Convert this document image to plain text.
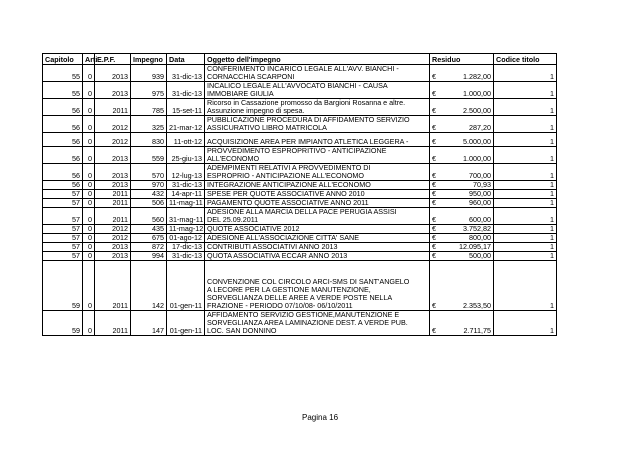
Capitolo	Arti	E.P.F.	Impegno	Data	Oggetto dell'impegno	Residuo	Codice titolo
55	0	2013	939	31-dic-13	CONFERIMENTO INCARICO LEGALE ALL'AVV. BIANCHI -
CORNACCHIA SCARPONI	€ 1.282,00	1
55	0	2013	975	31-dic-13	INCALICO LEGALE ALL'AVVOCATO BIANCHI - CAUSA
IMMOBIARE GIULIA	€ 1.000,00	1
56	0	2011	785	15-set-11	Ricorso in Cassazione promosso da Bargioni Rosanna e altre.
Assunzione impegno di spesa.	€ 2.500,00	1
56	0	2012	325	21-mar-12	PUBBLICAZIONE PROCEDURA DI AFFIDAMENTO SERVIZIO
ASSICURATIVO LIBRO MATRICOLA	€ 287,20	1
56	0	2012	830	11-ott-12	ACQUISIZIONE AREA PER IMPIANTO ATLETICA LEGGERA -	€ 5.000,00	1
56	0	2013	559	25-giu-13	PROVVEDIMENTO ESPROPRITIVO - ANTICIPAZIONE
ALL'ECONOMO	€ 1.000,00	1
56	0	2013	570	12-lug-13	ADEMPIMENTI RELATIVI A PROVVEDIMENTO DI
ESPROPRIO - ANTICIPAZIONE ALL'ECONOMO	€ 700,00	1
56	0	2013	970	31-dic-13	INTEGRAZIONE ANTICIPAZIONE ALL'ECONOMO	€ 70,93	1
57	0	2011	432	14-apr-11	SPESE PER QUOTE ASSOCIATIVE ANNO 2010	€ 950,00	1
57	0	2011	506	11-mag-11	PAGAMENTO QUOTE ASSOCIATIVE ANNO 2011	€ 960,00	1
57	0	2011	560	31-mag-11	ADESIONE ALLA MARCIA DELLA PACE PERUGIA ASSISI
DEL 25.09.2011	€ 600,00	1
57	0	2012	435	11-mag-12	QUOTE ASSOCIATIVE 2012	€ 3.752,82	1
57	0	2012	675	01-ago-12	ADESIONE ALL'ASSOCIAZIONE CITTA' SANE	€ 800,00	1
57	0	2013	872	17-dic-13	CONTRIBUTI ASSOCIATIVI ANNO 2013	€ 12.095,17	1
57	0	2013	994	31-dic-13	QUOTA ASSOCIATIVA ECCAR ANNO 2013	€ 500,00	1
59	0	2011	142	01-gen-11	CONVENZIONE COL CIRCOLO ARCI-SMS DI SANT'ANGELO
A LECORE PER LA GESTIONE MANUTENZIONE,
SORVEGLIANZA DELLE AREE A VERDE POSTE NELLA
FRAZIONE - PERIODO 07/10/08- 06/10/2011	€ 2.353,50	1
59	0	2011	147	01-gen-11	AFFIDAMENTO SERVIZIO GESTIONE,MANUTENZIONE E
SORVEGLIANZA AREA LAMINAZIONE DEST. A VERDE PUB.
LOC. SAN DONNINO	€ 2.711,75	1
Pagina 16
